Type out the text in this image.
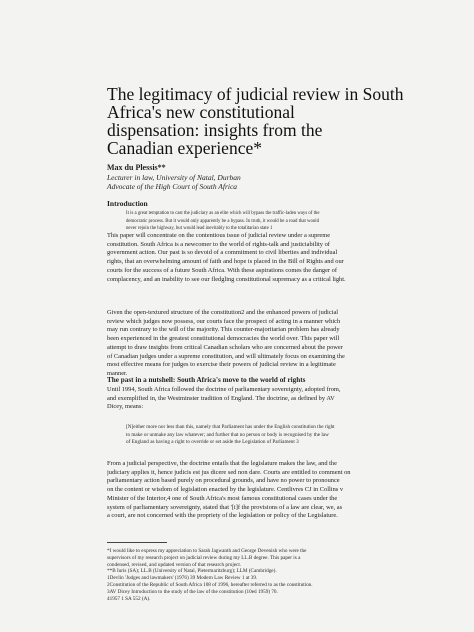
The legitimacy of judicial review in South
Africa's new constitutional
dispensation: insights from the
Canadian experience*
Max du Plessis**
Lecturer in law, University of Natal, Durban
Advocate of the High Court of South Africa
Introduction
It is a great temptation to cast the judiciary as an elite which will bypass the traffic-laden ways of the
democratic process. But it would only apparently be a bypass. In truth, it would be a road that would
never rejoin the highway, but would lead inevitably to the totalitarian state 1
This paper will concentrate on the contentious issue of judicial review under a supreme
constitution. South Africa is a newcomer to the world of rights-talk and justiciability of
government action. Our past is so devoid of a commitment to civil liberties and individual
rights, that an overwhelming amount of faith and hope is placed in the Bill of Rights and our
courts for the success of a future South Africa. With these aspirations comes the danger of
complacency, and an inability to see our fledgling constitutional supremacy as a critical light.
Given the open-textured structure of the constitution2 and the enhanced powers of judicial
review which judges now possess, our courts face the prospect of acting in a manner which
may run contrary to the will of the majority. This counter-majoritarian problem has already
been experienced in the greatest constitutional democracies the world over. This paper will
attempt to draw insights from critical Canadian scholars who are concerned about the power
of Canadian judges under a supreme constitution, and will ultimately focus on examining the
most effective means for judges to exercise their powers of judicial review in a legitimate
manner.
The past in a nutshell: South Africa's move to the world of rights
Until 1994, South Africa followed the doctrine of parliamentary sovereignty, adopted from,
and exemplified in, the Westminster tradition of England. The doctrine, as defined by AV
Dicey, means:
[N]either more nor less than this, namely that Parliament has under the English constitution the right
to make or unmake any law whatever; and further that no person or body is recognised by the law
of England as having a right to override or set aside the Legislation of Parliament 3
From a judicial perspective, the doctrine entails that the legislature makes the law, and the
judiciary applies it, hence judicis est jus dicere sed non dare. Courts are entitled to comment on
parliamentary action based purely on procedural grounds, and have no power to pronounce
on the content or wisdom of legislation enacted by the legislature. Centlivres CJ in Collins v
Minister of the Interior,4 one of South Africa's most famous constitutional cases under the
system of parliamentary sovereignty, stated that '[i]f the provisions of a law are clear, we, as
a court, are not concerned with the propriety of the legislation or policy of the Legislature.
*I would like to express my appreciation to Sarah Jagwanth and George Devenish who were the
supervisors of my research project on judicial review during my LL.B degree. This paper is a
condensed, revised, and updated version of that research project.
**B Iuris (SA); LL.B (University of Natal, Pietermaritzburg); LLM (Cambridge).
1Devlin 'Judges and lawmakers' (1976) 39 Modern Law Review 1 at 39.
2Constitution of the Republic of South Africa 108 of 1996, hereafter referred to as the constitution.
3AV Dicey Introduction to the study of the law of the constitution (10ed 1959) 70.
41957 1 SA 552 (A).
